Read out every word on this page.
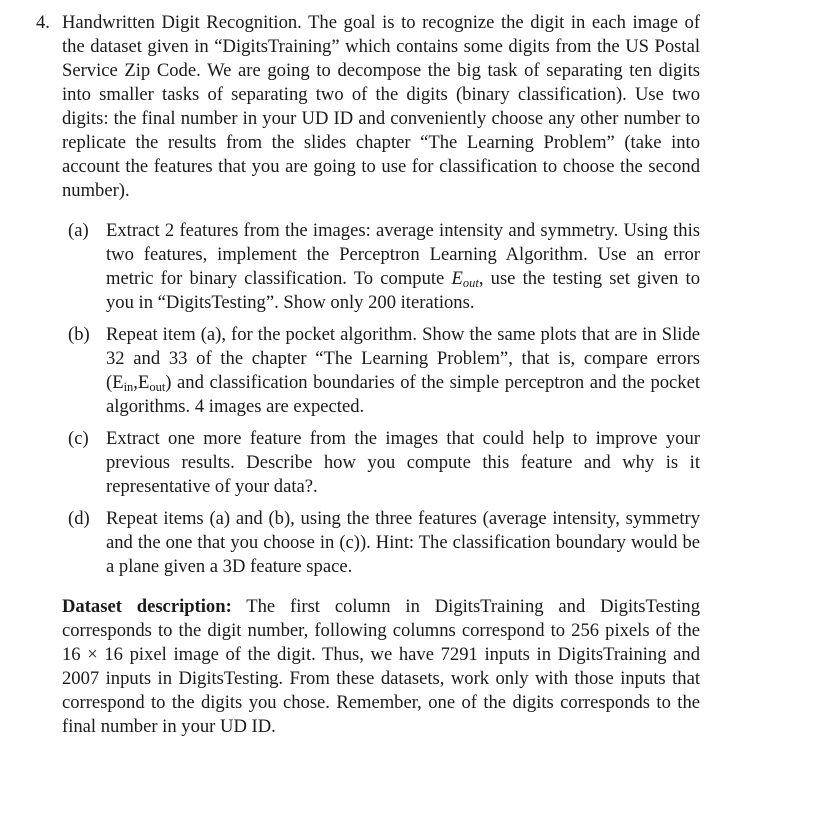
4. Handwritten Digit Recognition. The goal is to recognize the digit in each image of the dataset given in “DigitsTraining” which contains some digits from the US Postal Service Zip Code. We are going to decompose the big task of separating ten digits into smaller tasks of separating two of the digits (binary classification). Use two digits: the final number in your UD ID and conveniently choose any other number to replicate the results from the slides chapter “The Learning Problem” (take into account the features that you are going to use for classification to choose the second number).
(a) Extract 2 features from the images: average intensity and symmetry. Using this two features, implement the Perceptron Learning Algorithm. Use an error metric for binary classification. To compute $E_{out}$, use the testing set given to you in “DigitsTesting”. Show only 200 iterations.
(b) Repeat item (a), for the pocket algorithm. Show the same plots that are in Slide 32 and 33 of the chapter “The Learning Problem”, that is, compare errors (Ein,Eout) and classification boundaries of the simple perceptron and the pocket algorithms. 4 images are expected.
(c) Extract one more feature from the images that could help to improve your previous results. Describe how you compute this feature and why is it representative of your data?.
(d) Repeat items (a) and (b), using the three features (average intensity, symmetry and the one that you choose in (c)). Hint: The classification boundary would be a plane given a 3D feature space.
Dataset description: The first column in DigitsTraining and DigitsTesting corresponds to the digit number, following columns correspond to 256 pixels of the 16 × 16 pixel image of the digit. Thus, we have 7291 inputs in DigitsTraining and 2007 inputs in DigitsTesting. From these datasets, work only with those inputs that correspond to the digits you chose. Remember, one of the digits corresponds to the final number in your UD ID.
